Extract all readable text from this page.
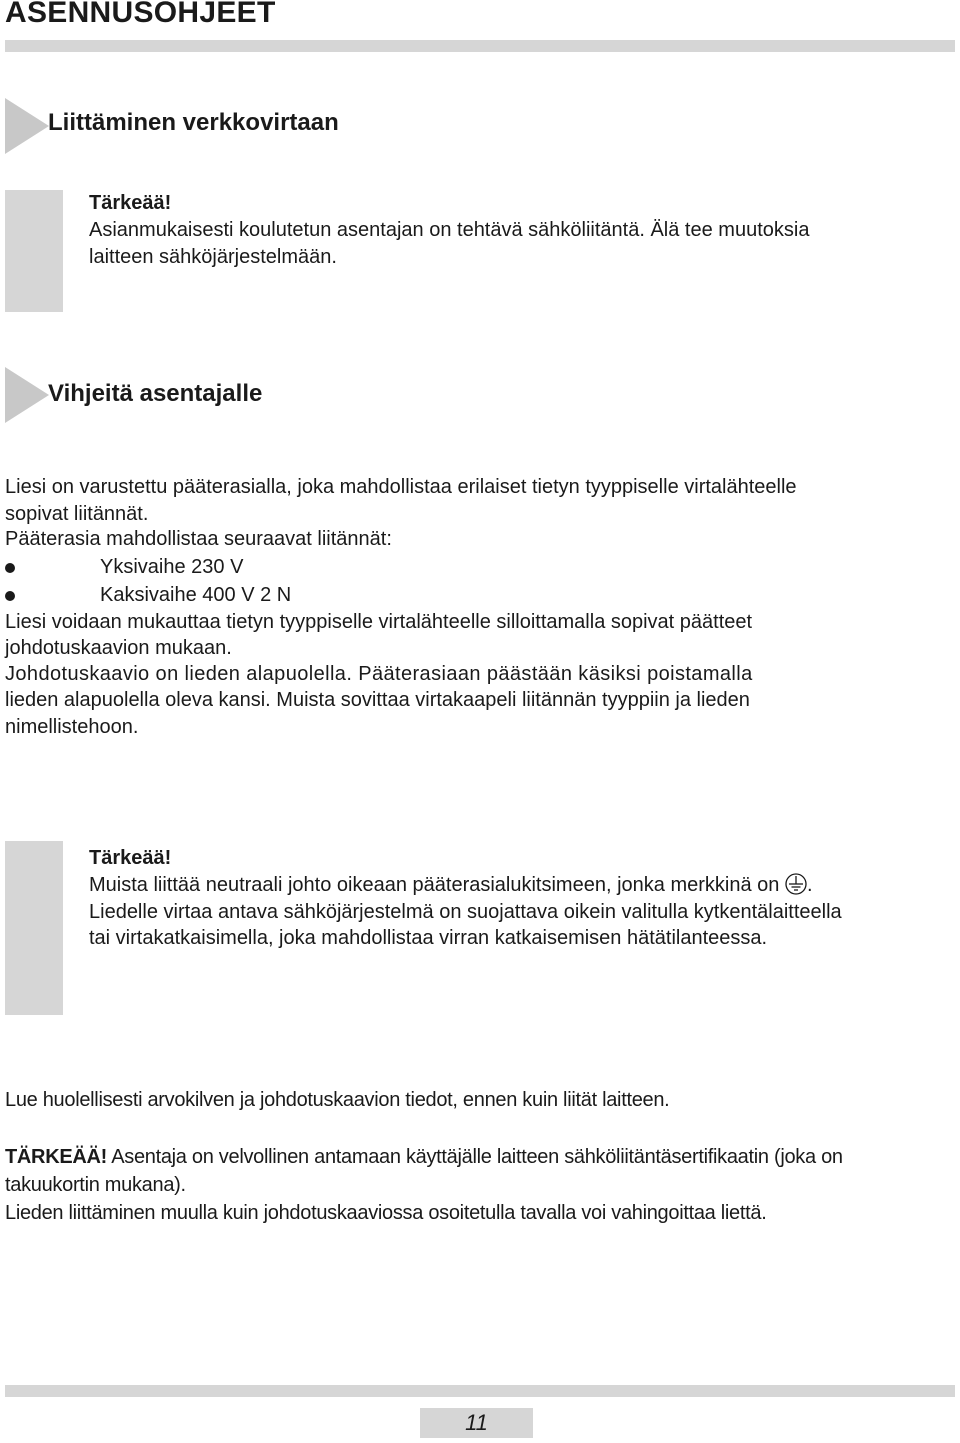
ASENNUSOHJEET
Liittäminen verkkovirtaan
Tärkeää!
Asianmukaisesti koulutetun asentajan on tehtävä sähköliitäntä. Älä tee muutoksia
laitteen sähköjärjestelmään.
Vihjeitä asentajalle
Liesi on varustettu pääterasialla, joka mahdollistaa erilaiset tietyn tyyppiselle virtalähteelle
sopivat liitännät.
Pääterasia mahdollistaa seuraavat liitännät:
Yksivaihe 230 V
Kaksivaihe 400 V 2 N
Liesi voidaan mukauttaa tietyn tyyppiselle virtalähteelle silloittamalla sopivat päätteet
johdotuskaavion mukaan.
Johdotuskaavio on lieden alapuolella. Pääterasiaan päästään käsiksi poistamalla
lieden alapuolella oleva kansi. Muista sovittaa virtakaapeli liitännän tyyppiin ja lieden
nimellistehoon.
Tärkeää!
Muista liittää neutraali johto oikeaan pääterasialukitsimeen, jonka merkkinä on .
Liedelle virtaa antava sähköjärjestelmä on suojattava oikein valitulla kytkentälaitteella
tai virtakatkaisimella, joka mahdollistaa virran katkaisemisen hätätilanteessa.
Lue huolellisesti arvokilven ja johdotuskaavion tiedot, ennen kuin liität laitteen.
TÄRKEÄÄ! Asentaja on velvollinen antamaan käyttäjälle laitteen sähköliitäntäsertifikaatin (joka on
takuukortin mukana).
Lieden liittäminen muulla kuin johdotuskaaviossa osoitetulla tavalla voi vahingoittaa liettä.
11
